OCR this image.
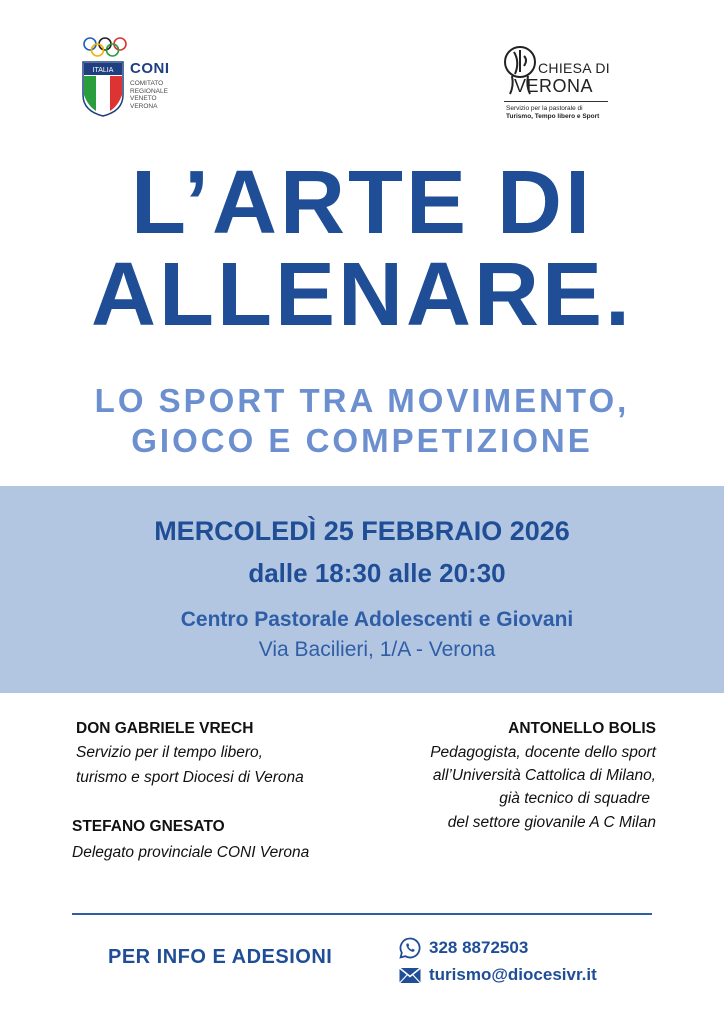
ITALIA CONI
COMITATO
REGIONALE
VENETO
VERONA
CHIESA DI
VERONA
Servizio per la pastorale di
Turismo, Tempo libero e Sport
L’ARTE DI
ALLENARE.
LO SPORT TRA MOVIMENTO,
GIOCO E COMPETIZIONE
MERCOLEDÌ 25 FEBBRAIO 2026
dalle 18:30 alle 20:30
Centro Pastorale Adolescenti e Giovani
Via Bacilieri, 1/A - Verona
DON GABRIELE VRECH
Servizio per il tempo libero,
turismo e sport Diocesi di Verona
STEFANO GNESATO
Delegato provinciale CONI Verona
ANTONELLO BOLIS
Pedagogista, docente dello sport
all’Università Cattolica di Milano,
già tecnico di squadre
del settore giovanile A C Milan
PER INFO E ADESIONI	328 8872503
turismo@diocesivr.it
